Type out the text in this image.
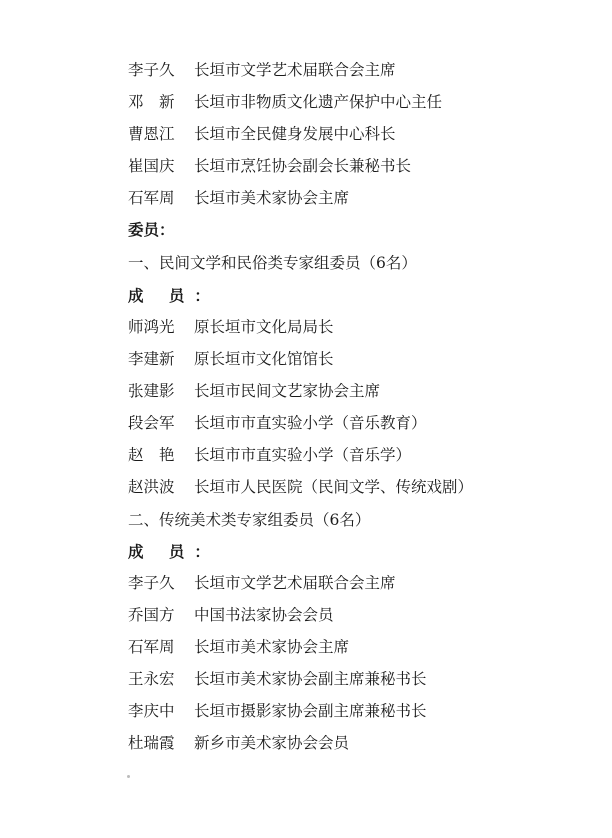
李子久 长垣市文学艺术届联合会主席
邓　新 长垣市非物质文化遗产保护中心主任
曹恩江 长垣市全民健身发展中心科长
崔国庆 长垣市烹饪协会副会长兼秘书长
石军周 长垣市美术家协会主席
委员：
一、民间文学和民俗类专家组委员（6名）
成 员：
师鸿光 原长垣市文化局局长
李建新 原长垣市文化馆馆长
张建影 长垣市民间文艺家协会主席
段会军 长垣市市直实验小学（音乐教育）
赵　艳 长垣市市直实验小学（音乐学）
赵洪波 长垣市人民医院（民间文学、传统戏剧）
二、传统美术类专家组委员（6名）
成 员：
李子久 长垣市文学艺术届联合会主席
乔国方 中国书法家协会会员
石军周 长垣市美术家协会主席
王永宏 长垣市美术家协会副主席兼秘书长
李庆中 长垣市摄影家协会副主席兼秘书长
杜瑞霞 新乡市美术家协会会员
